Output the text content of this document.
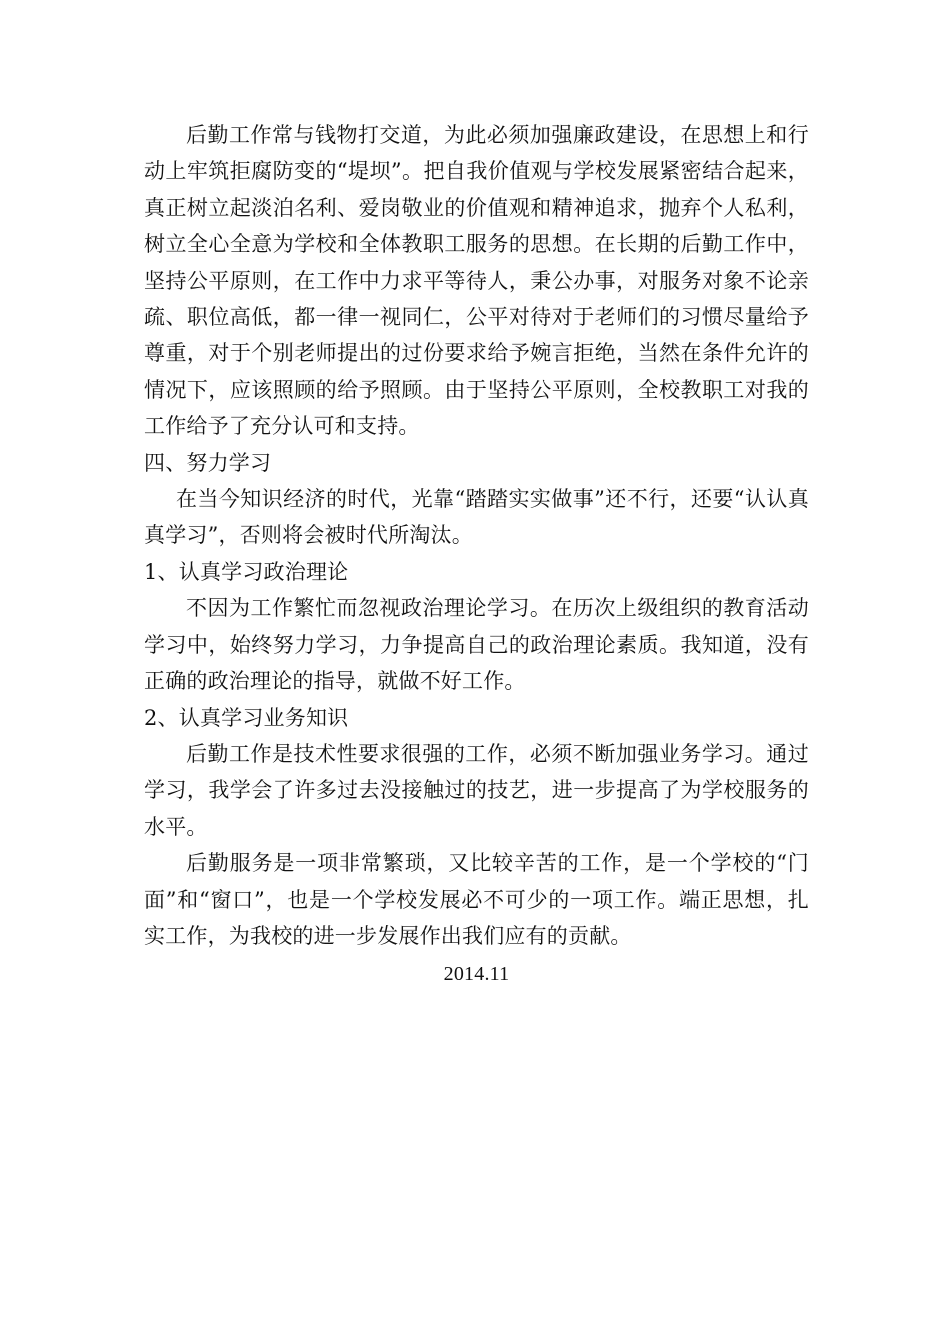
后勤工作常与钱物打交道，为此必须加强廉政建设，在思想上和行动上牢筑拒腐防变的“堤坝”。把自我价值观与学校发展紧密结合起来，真正树立起淡泊名利、爱岗敬业的价值观和精神追求，抛弃个人私利，树立全心全意为学校和全体教职工服务的思想。在长期的后勤工作中，坚持公平原则，在工作中力求平等待人，秉公办事，对服务对象不论亲疏、职位高低，都一律一视同仁，公平对待对于老师们的习惯尽量给予尊重，对于个别老师提出的过份要求给予婉言拒绝，当然在条件允许的情况下，应该照顾的给予照顾。由于坚持公平原则，全校教职工对我的工作给予了充分认可和支持。

四、努力学习

在当今知识经济的时代，光靠“踏踏实实做事”还不行，还要“认认真真学习”，否则将会被时代所淘汰。

1、认真学习政治理论

不因为工作繁忙而忽视政治理论学习。在历次上级组织的教育活动学习中，始终努力学习，力争提高自己的政治理论素质。我知道，没有正确的政治理论的指导，就做不好工作。

2、认真学习业务知识

后勤工作是技术性要求很强的工作，必须不断加强业务学习。通过学习，我学会了许多过去没接触过的技艺，进一步提高了为学校服务的水平。

后勤服务是一项非常繁琐，又比较辛苦的工作，是一个学校的“门面”和“窗口”，也是一个学校发展必不可少的一项工作。端正思想，扎实工作，为我校的进一步发展作出我们应有的贡献。

2014.11
